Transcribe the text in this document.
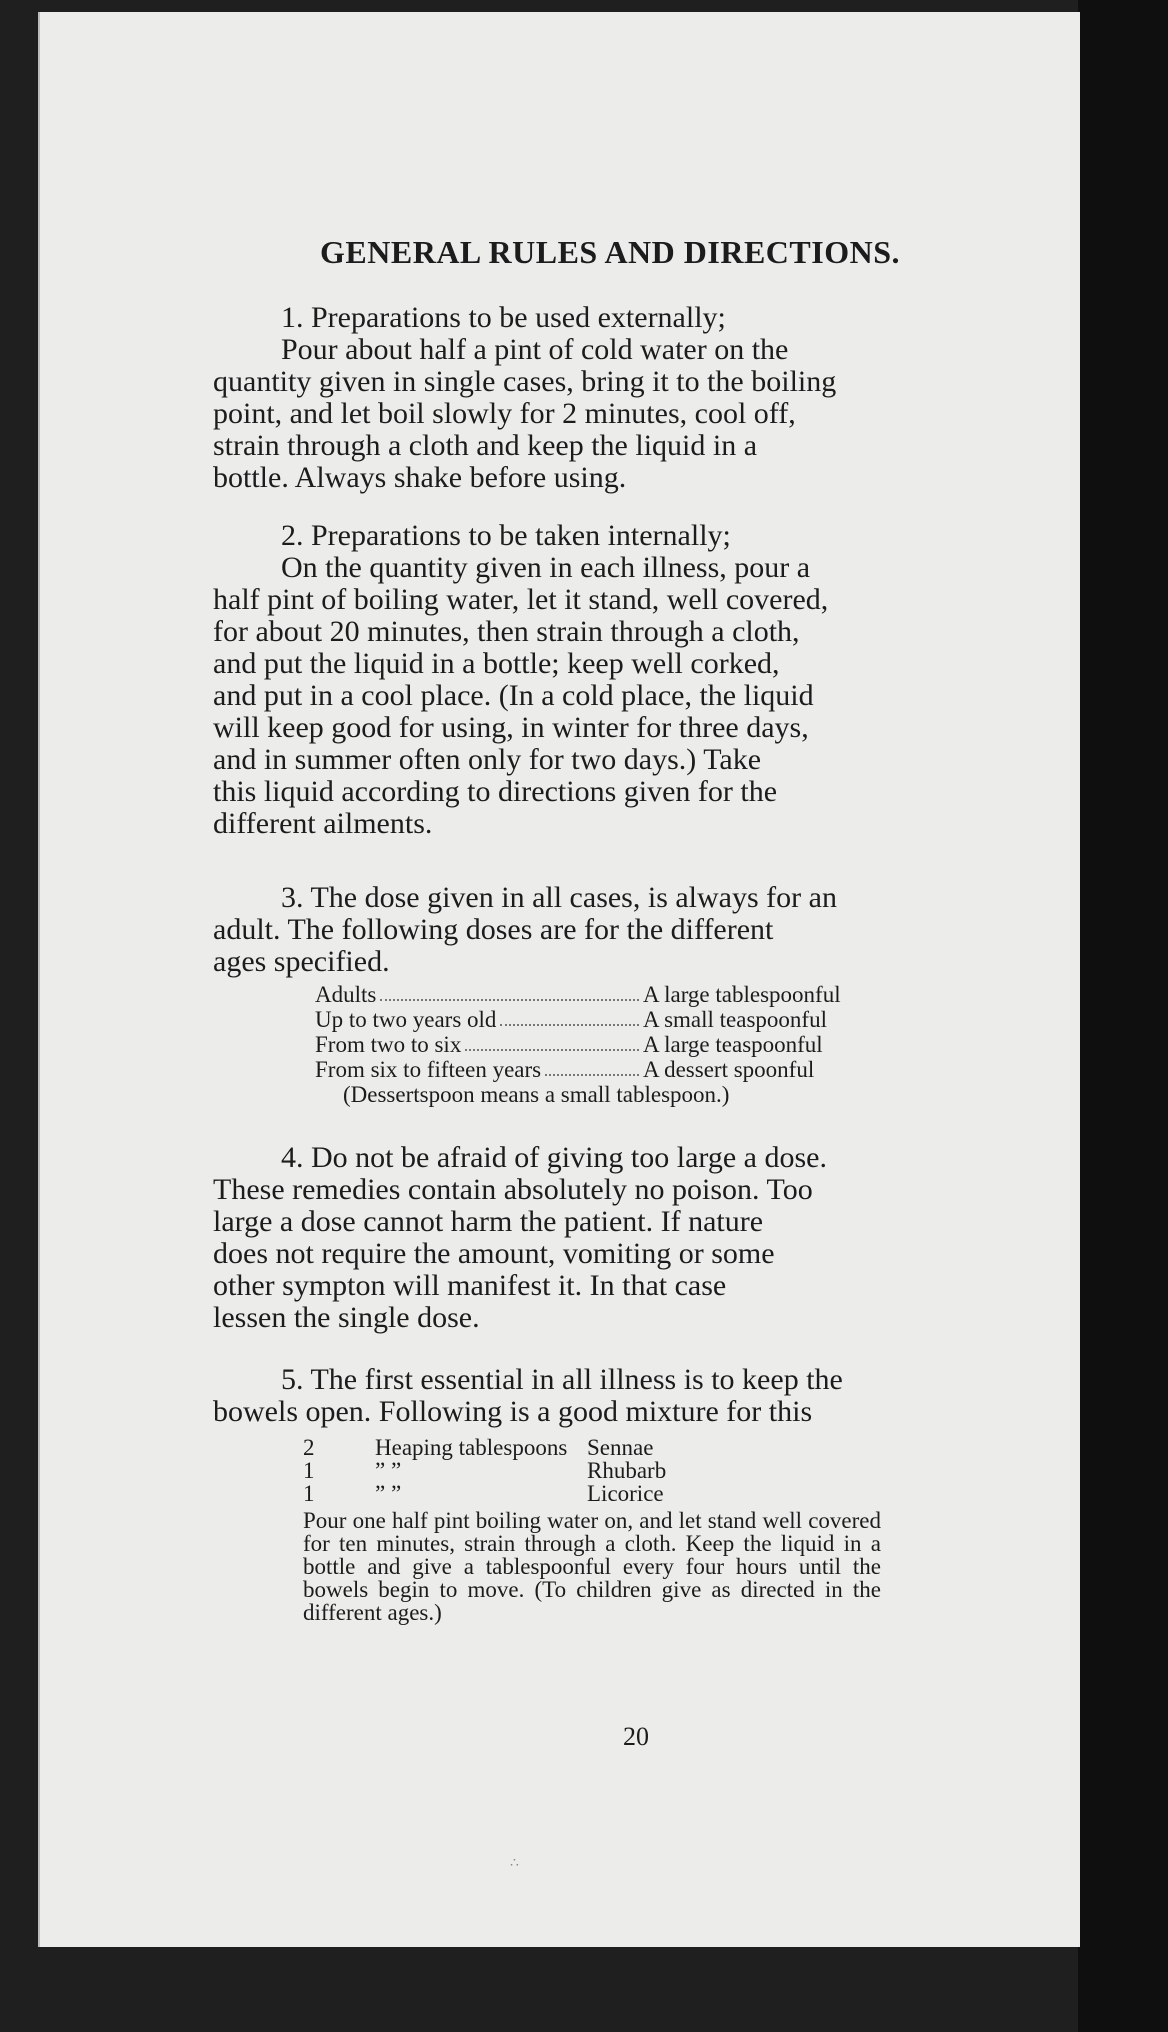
GENERAL RULES AND DIRECTIONS.
1. Preparations to be used externally;
Pour about half a pint of cold water on the
quantity given in single cases, bring it to the boiling
point, and let boil slowly for 2 minutes, cool off,
strain through a cloth and keep the liquid in a
bottle. Always shake before using.
2. Preparations to be taken internally;
On the quantity given in each illness, pour a
half pint of boiling water, let it stand, well covered,
for about 20 minutes, then strain through a cloth,
and put the liquid in a bottle; keep well corked,
and put in a cool place. (In a cold place, the liquid
will keep good for using, in winter for three days,
and in summer often only for two days.) Take
this liquid according to directions given for the
different ailments.
3. The dose given in all cases, is always for an
adult. The following doses are for the different
ages specified.
Adults	A large tablespoonful
Up to two years old	A small teaspoonful
From two to six	A large teaspoonful
From six to fifteen years	A dessert spoonful
(Dessertspoon means a small tablespoon.)
4. Do not be afraid of giving too large a dose.
These remedies contain absolutely no poison. Too
large a dose cannot harm the patient. If nature
does not require the amount, vomiting or some
other sympton will manifest it. In that case
lessen the single dose.
5. The first essential in all illness is to keep the
bowels open. Following is a good mixture for this
2	Heaping tablespoons Sennae
1	” ”	Rhubarb
1	” ”	Licorice
Pour one half pint boiling water on, and let stand well covered for ten minutes, strain through a cloth. Keep the liquid in a bottle and give a tablespoonful every four hours until the bowels begin to move. (To children give as directed in the different ages.)
20
∴
